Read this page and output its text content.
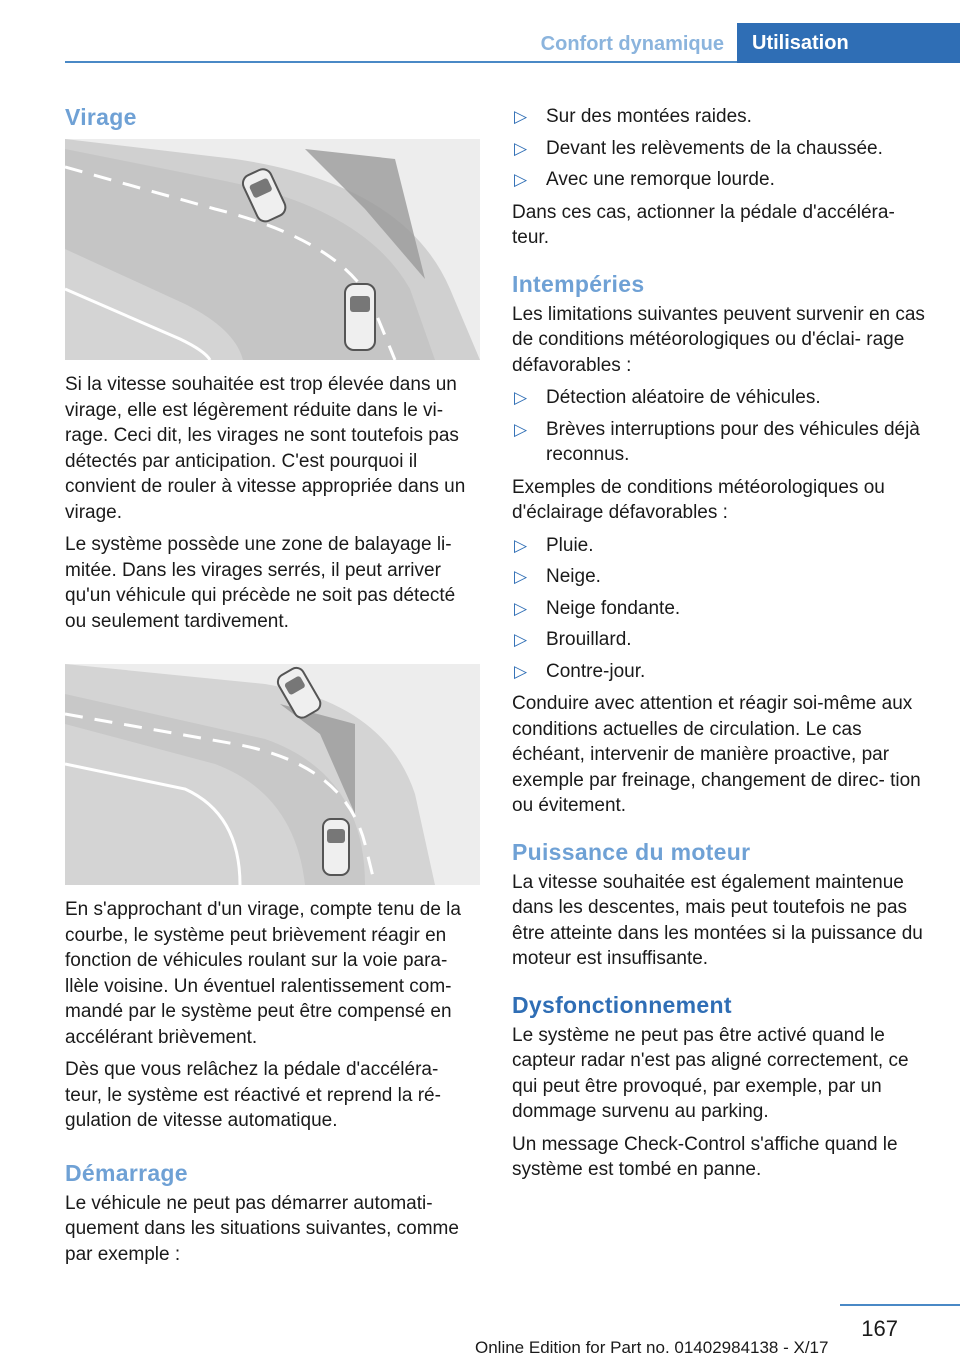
Confort dynamique	Utilisation
Virage
Si la vitesse souhaitée est trop élevée dans un virage, elle est légèrement réduite dans le vi‐ rage. Ceci dit, les virages ne sont toutefois pas détectés par anticipation. C'est pourquoi il convient de rouler à vitesse appropriée dans un virage.
Le système possède une zone de balayage li‐ mitée. Dans les virages serrés, il peut arriver qu'un véhicule qui précède ne soit pas détecté ou seulement tardivement.
En s'approchant d'un virage, compte tenu de la courbe, le système peut brièvement réagir en fonction de véhicules roulant sur la voie para‐ llèle voisine. Un éventuel ralentissement com‐ mandé par le système peut être compensé en accélérant brièvement.
Dès que vous relâchez la pédale d'accéléra‐ teur, le système est réactivé et reprend la ré‐ gulation de vitesse automatique.
Démarrage
Le véhicule ne peut pas démarrer automati‐ quement dans les situations suivantes, comme par exemple :
▷ Sur des montées raides.
▷ Devant les relèvements de la chaussée.
▷ Avec une remorque lourde.
Dans ces cas, actionner la pédale d'accéléra‐ teur.
Intempéries
Les limitations suivantes peuvent survenir en cas de conditions météorologiques ou d'éclai‐ rage défavorables :
▷ Détection aléatoire de véhicules.
▷ Brèves interruptions pour des véhicules déjà reconnus.
Exemples de conditions météorologiques ou d'éclairage défavorables :
▷ Pluie.
▷ Neige.
▷ Neige fondante.
▷ Brouillard.
▷ Contre-jour.
Conduire avec attention et réagir soi-même aux conditions actuelles de circulation. Le cas échéant, intervenir de manière proactive, par exemple par freinage, changement de direc‐ tion ou évitement.
Puissance du moteur
La vitesse souhaitée est également maintenue dans les descentes, mais peut toutefois ne pas être atteinte dans les montées si la puissance du moteur est insuffisante.
Dysfonctionnement
Le système ne peut pas être activé quand le capteur radar n'est pas aligné correctement, ce qui peut être provoqué, par exemple, par un dommage survenu au parking.
Un message Check-Control s'affiche quand le système est tombé en panne.
167
Online Edition for Part no. 01402984138 - X/17
